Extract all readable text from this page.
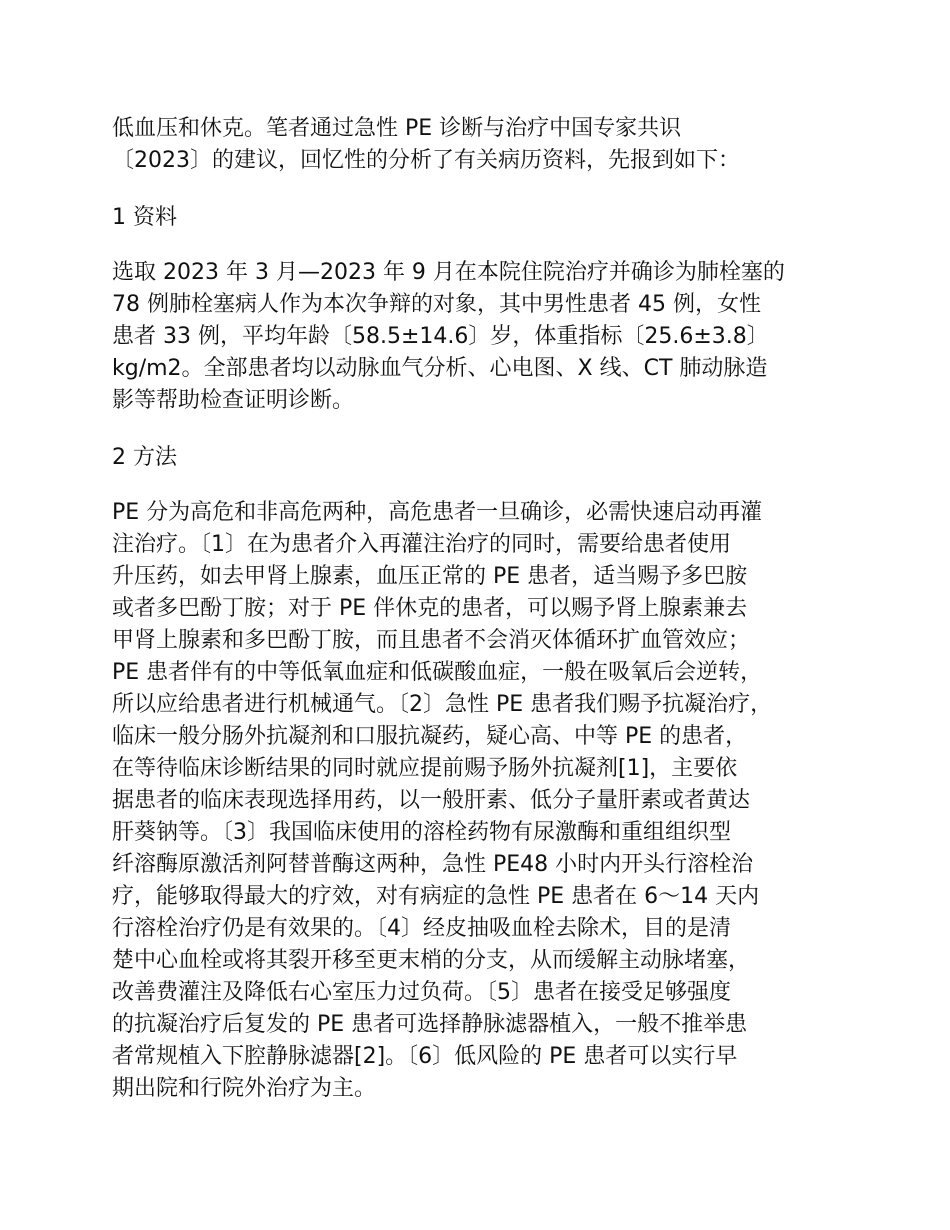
低血压和休克。笔者通过急性 PE 诊断与治疗中国专家共识
〔2023〕的建议，回忆性的分析了有关病历资料，先报到如下：

1 资料

选取 2023 年 3 月—2023 年 9 月在本院住院治疗并确诊为肺栓塞的
78 例肺栓塞病人作为本次争辩的对象，其中男性患者 45 例，女性
患者 33 例，平均年龄〔58.5±14.6〕岁，体重指标〔25.6±3.8〕
kg/m2。全部患者均以动脉血气分析、心电图、X 线、CT 肺动脉造
影等帮助检查证明诊断。

2 方法

PE 分为高危和非高危两种，高危患者一旦确诊，必需快速启动再灌
注治疗。〔1〕在为患者介入再灌注治疗的同时，需要给患者使用
升压药，如去甲肾上腺素，血压正常的 PE 患者，适当赐予多巴胺
或者多巴酚丁胺；对于 PE 伴休克的患者，可以赐予肾上腺素兼去
甲肾上腺素和多巴酚丁胺，而且患者不会消灭体循环扩血管效应；
PE 患者伴有的中等低氧血症和低碳酸血症，一般在吸氧后会逆转，
所以应给患者进行机械通气。〔2〕急性 PE 患者我们赐予抗凝治疗，
临床一般分肠外抗凝剂和口服抗凝药，疑心高、中等 PE 的患者，
在等待临床诊断结果的同时就应提前赐予肠外抗凝剂[1]，主要依
据患者的临床表现选择用药，以一般肝素、低分子量肝素或者黄达
肝葵钠等。〔3〕我国临床使用的溶栓药物有尿激酶和重组组织型
纤溶酶原激活剂阿替普酶这两种，急性 PE48 小时内开头行溶栓治
疗，能够取得最大的疗效，对有病症的急性 PE 患者在 6～14 天内
行溶栓治疗仍是有效果的。〔4〕经皮抽吸血栓去除术，目的是清
楚中心血栓或将其裂开移至更末梢的分支，从而缓解主动脉堵塞，
改善费灌注及降低右心室压力过负荷。〔5〕患者在接受足够强度
的抗凝治疗后复发的 PE 患者可选择静脉滤器植入，一般不推举患
者常规植入下腔静脉滤器[2]。〔6〕低风险的 PE 患者可以实行早
期出院和行院外治疗为主。
